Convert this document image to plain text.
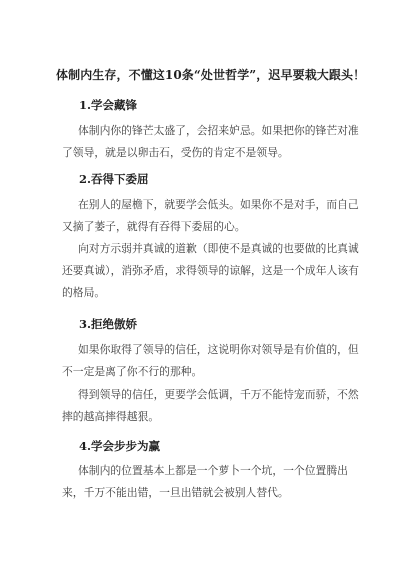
体制内生存，不懂这10条“处世哲学”，迟早要栽大跟头！
1.学会藏锋
体制内你的锋芒太盛了，会招来妒忌。如果把你的锋芒对准了领导，就是以卵击石，受伤的肯定不是领导。
2.吞得下委屈
在别人的屋檐下，就要学会低头。如果你不是对手，而自己又摘了萎子，就得有吞得下委屈的心。
向对方示弱并真诚的道歉（即使不是真诚的也要做的比真诚还要真诚），消弥矛盾，求得领导的谅解，这是一个成年人该有的格局。
3.拒绝傲娇
如果你取得了领导的信任，这说明你对领导是有价值的，但不一定是离了你不行的那种。
得到领导的信任，更要学会低调，千万不能恃宠而骄，不然摔的越高摔得越狠。
4.学会步步为赢
体制内的位置基本上都是一个萝卜一个坑，一个位置腾出来，千万不能出错，一旦出错就会被别人替代。
